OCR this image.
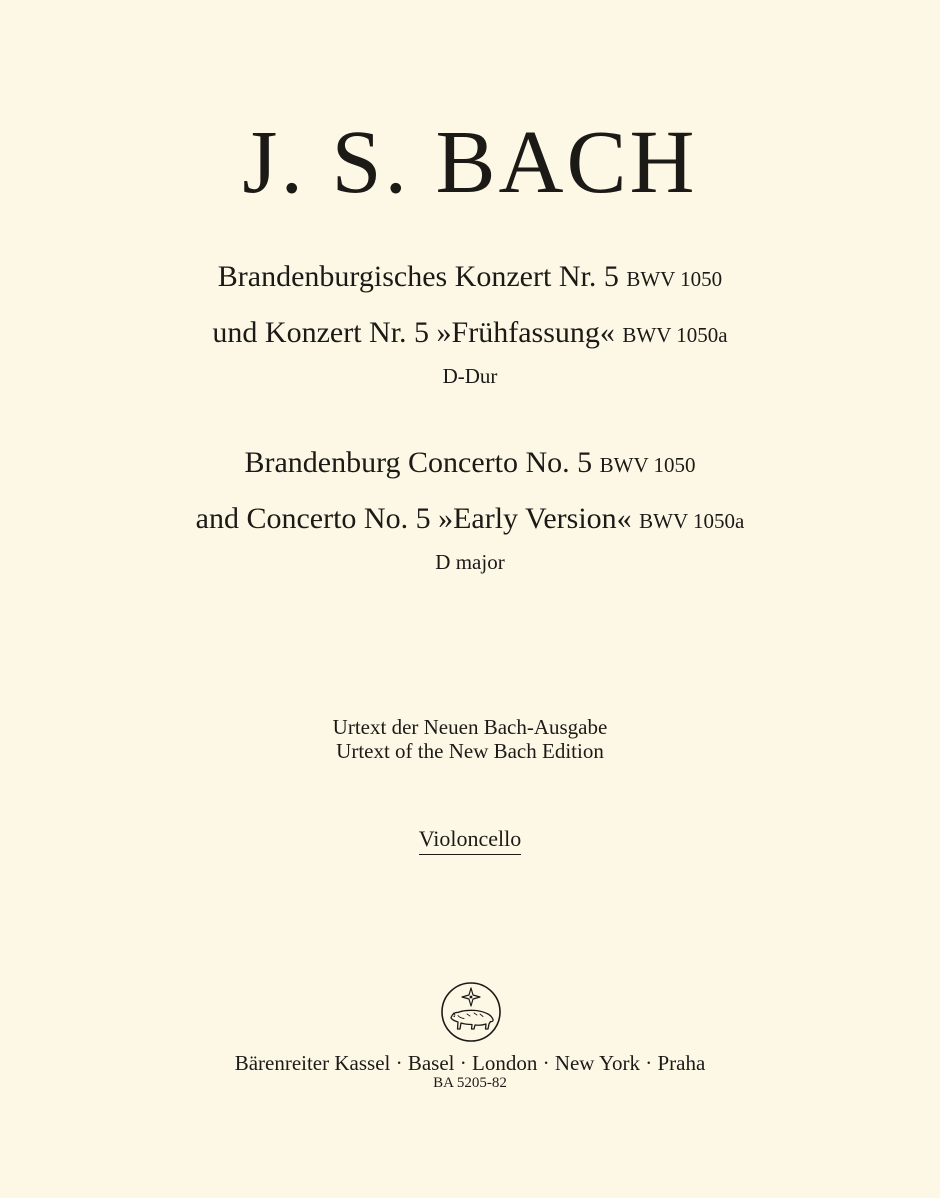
J. S. BACH
Brandenburgisches Konzert Nr. 5 BWV 1050
und Konzert Nr. 5 »Frühfassung« BWV 1050a
D-Dur
Brandenburg Concerto No. 5 BWV 1050
and Concerto No. 5 »Early Version« BWV 1050a
D major
Urtext der Neuen Bach-Ausgabe
Urtext of the New Bach Edition
Violoncello
Bärenreiter Kassel · Basel · London · New York · Praha
BA 5205-82
